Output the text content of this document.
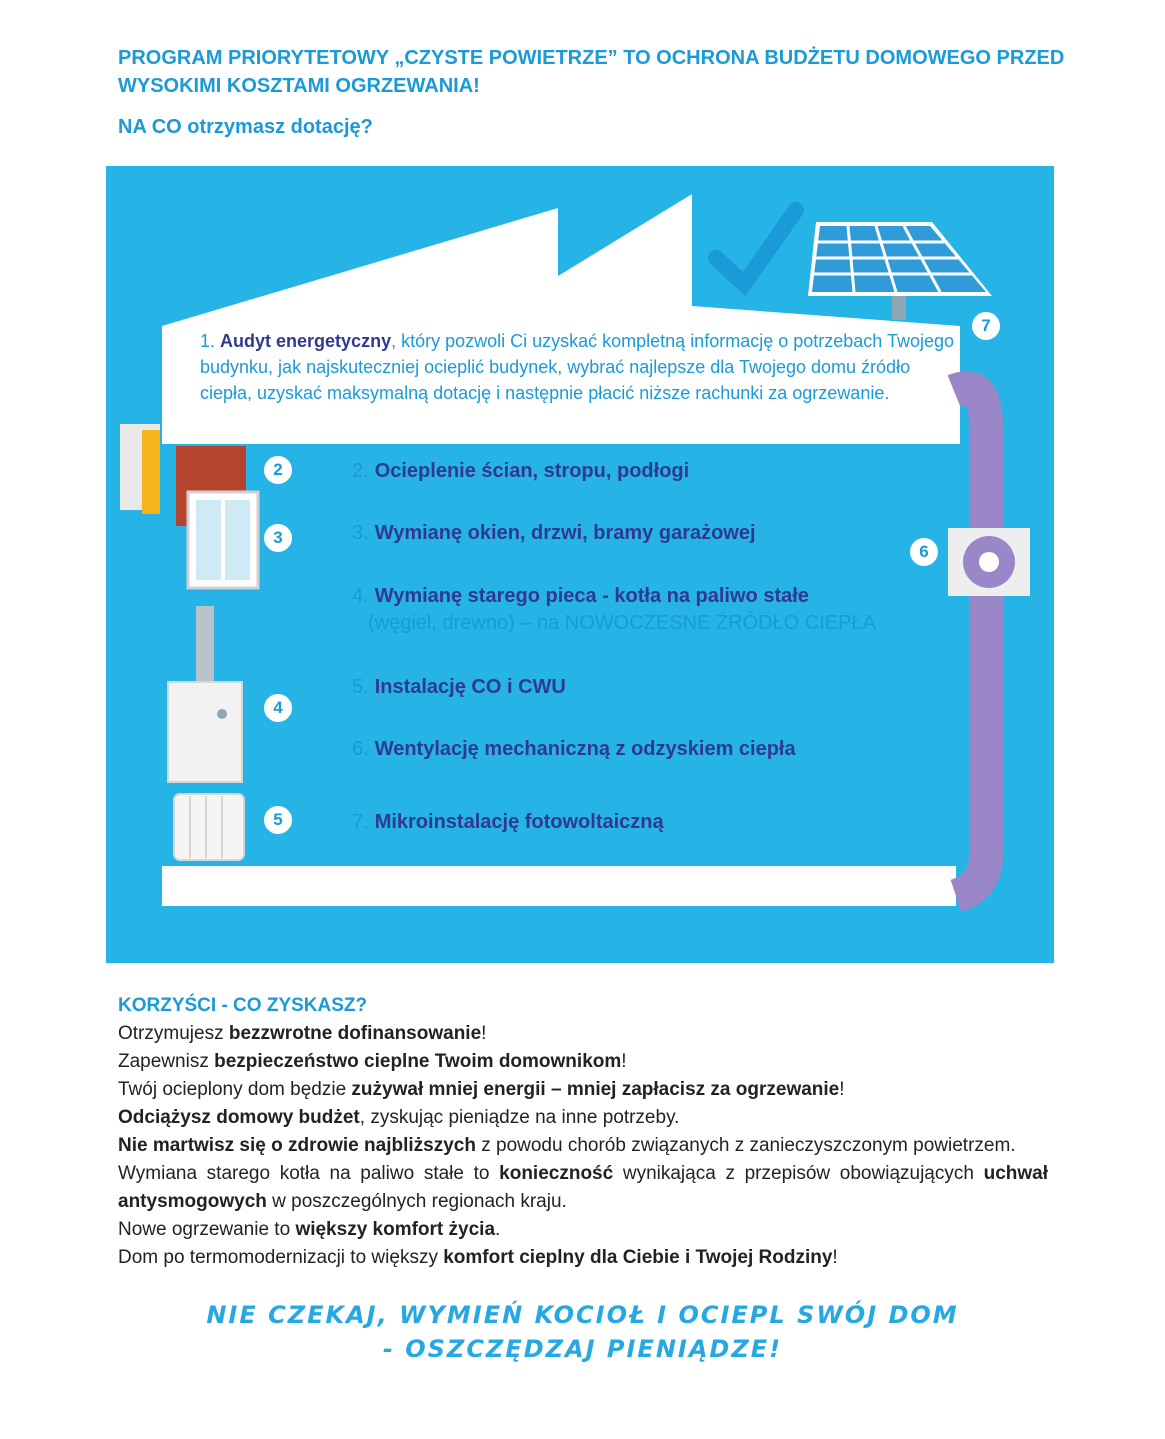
PROGRAM PRIORYTETOWY „CZYSTE POWIETRZE” TO OCHRONA BUDŻETU DOMOWEGO PRZED WYSOKIMI KOSZTAMI OGRZEWANIA!
NA CO otrzymasz dotację?
2
3
4
5
6
7
1. Audyt energetyczny, który pozwoli Ci uzyskać kompletną informację o potrzebach Twojego budynku, jak najskuteczniej ocieplić budynek, wybrać najlepsze dla Twojego domu źródło ciepła, uzyskać maksymalną dotację i następnie płacić niższe rachunki za ogrzewanie.
2. Ocieplenie ścian, stropu, podłogi
3. Wymianę okien, drzwi, bramy garażowej
4. Wymianę starego pieca - kotła na paliwo stałe
(węgiel, drewno) – na NOWOCZESNE ŹRÓDŁO CIEPŁA
5. Instalację CO i CWU
6. Wentylację mechaniczną z odzyskiem ciepła
7. Mikroinstalację fotowoltaiczną
KORZYŚCI - CO ZYSKASZ?

Otrzymujesz bezzwrotne dofinansowanie!

Zapewnisz bezpieczeństwo cieplne Twoim domownikom!

Twój ocieplony dom będzie zużywał mniej energii – mniej zapłacisz za ogrzewanie!

Odciążysz domowy budżet, zyskując pieniądze na inne potrzeby.

Nie martwisz się o zdrowie najbliższych z powodu chorób związanych z zanieczyszczonym powietrzem.

Wymiana starego kotła na paliwo stałe to konieczność wynikająca z przepisów obowiązujących uchwał antysmogowych w poszczególnych regionach kraju.

Nowe ogrzewanie to większy komfort życia.

Dom po termomodernizacji to większy komfort cieplny dla Ciebie i Twojej Rodziny!

NIE CZEKAJ, WYMIEŃ KOCIOŁ I OCIEPL SWÓJ DOM
- OSZCZĘDZAJ PIENIĄDZE!
